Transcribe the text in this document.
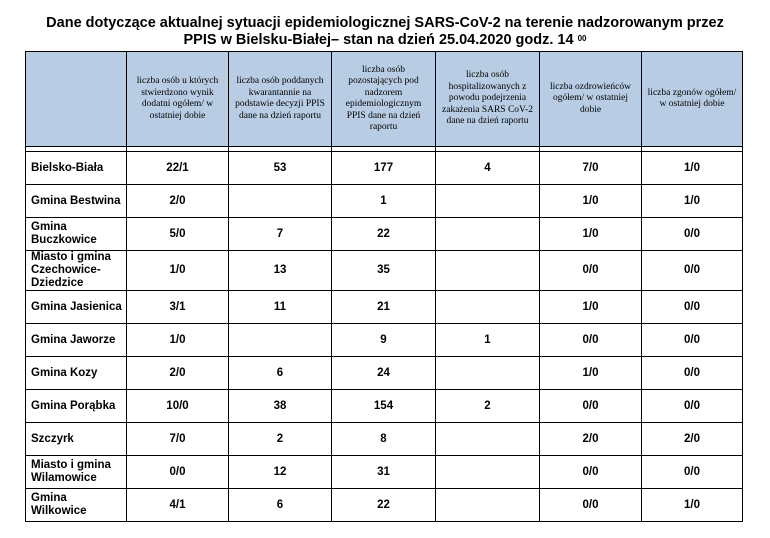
Dane dotyczące aktualnej sytuacji epidemiologicznej SARS-CoV-2 na terenie nadzorowanym przez
PPIS w Bielsku-Białej– stan na dzień 25.04.2020 godz. 14 $^{00}$
	liczba osób u których stwierdzono wynik dodatni ogółem/ w ostatniej dobie	liczba osób poddanych kwarantannie na podstawie decyzji PPIS dane na dzień raportu	liczba osób pozostających pod nadzorem epidemiologicznym PPIS dane na dzień raportu	liczba osób hospitalizowanych z powodu podejrzenia zakażenia SARS CoV-2 dane na dzień raportu	liczba ozdrowieńców ogółem/ w ostatniej dobie	liczba zgonów ogółem/ w ostatniej dobie

Bielsko-Biała	22/1	53	177	4	7/0	1/0
Gmina Bestwina	2/0		1		1/0	1/0
Gmina Buczkowice	5/0	7	22		1/0	0/0
Miasto i gmina Czechowice-Dziedzice	1/0	13	35		0/0	0/0
Gmina Jasienica	3/1	11	21		1/0	0/0
Gmina Jaworze	1/0		9	1	0/0	0/0
Gmina Kozy	2/0	6	24		1/0	0/0
Gmina Porąbka	10/0	38	154	2	0/0	0/0
Szczyrk	7/0	2	8		2/0	2/0
Miasto i gmina Wilamowice	0/0	12	31		0/0	0/0
Gmina Wilkowice	4/1	6	22		0/0	1/0
